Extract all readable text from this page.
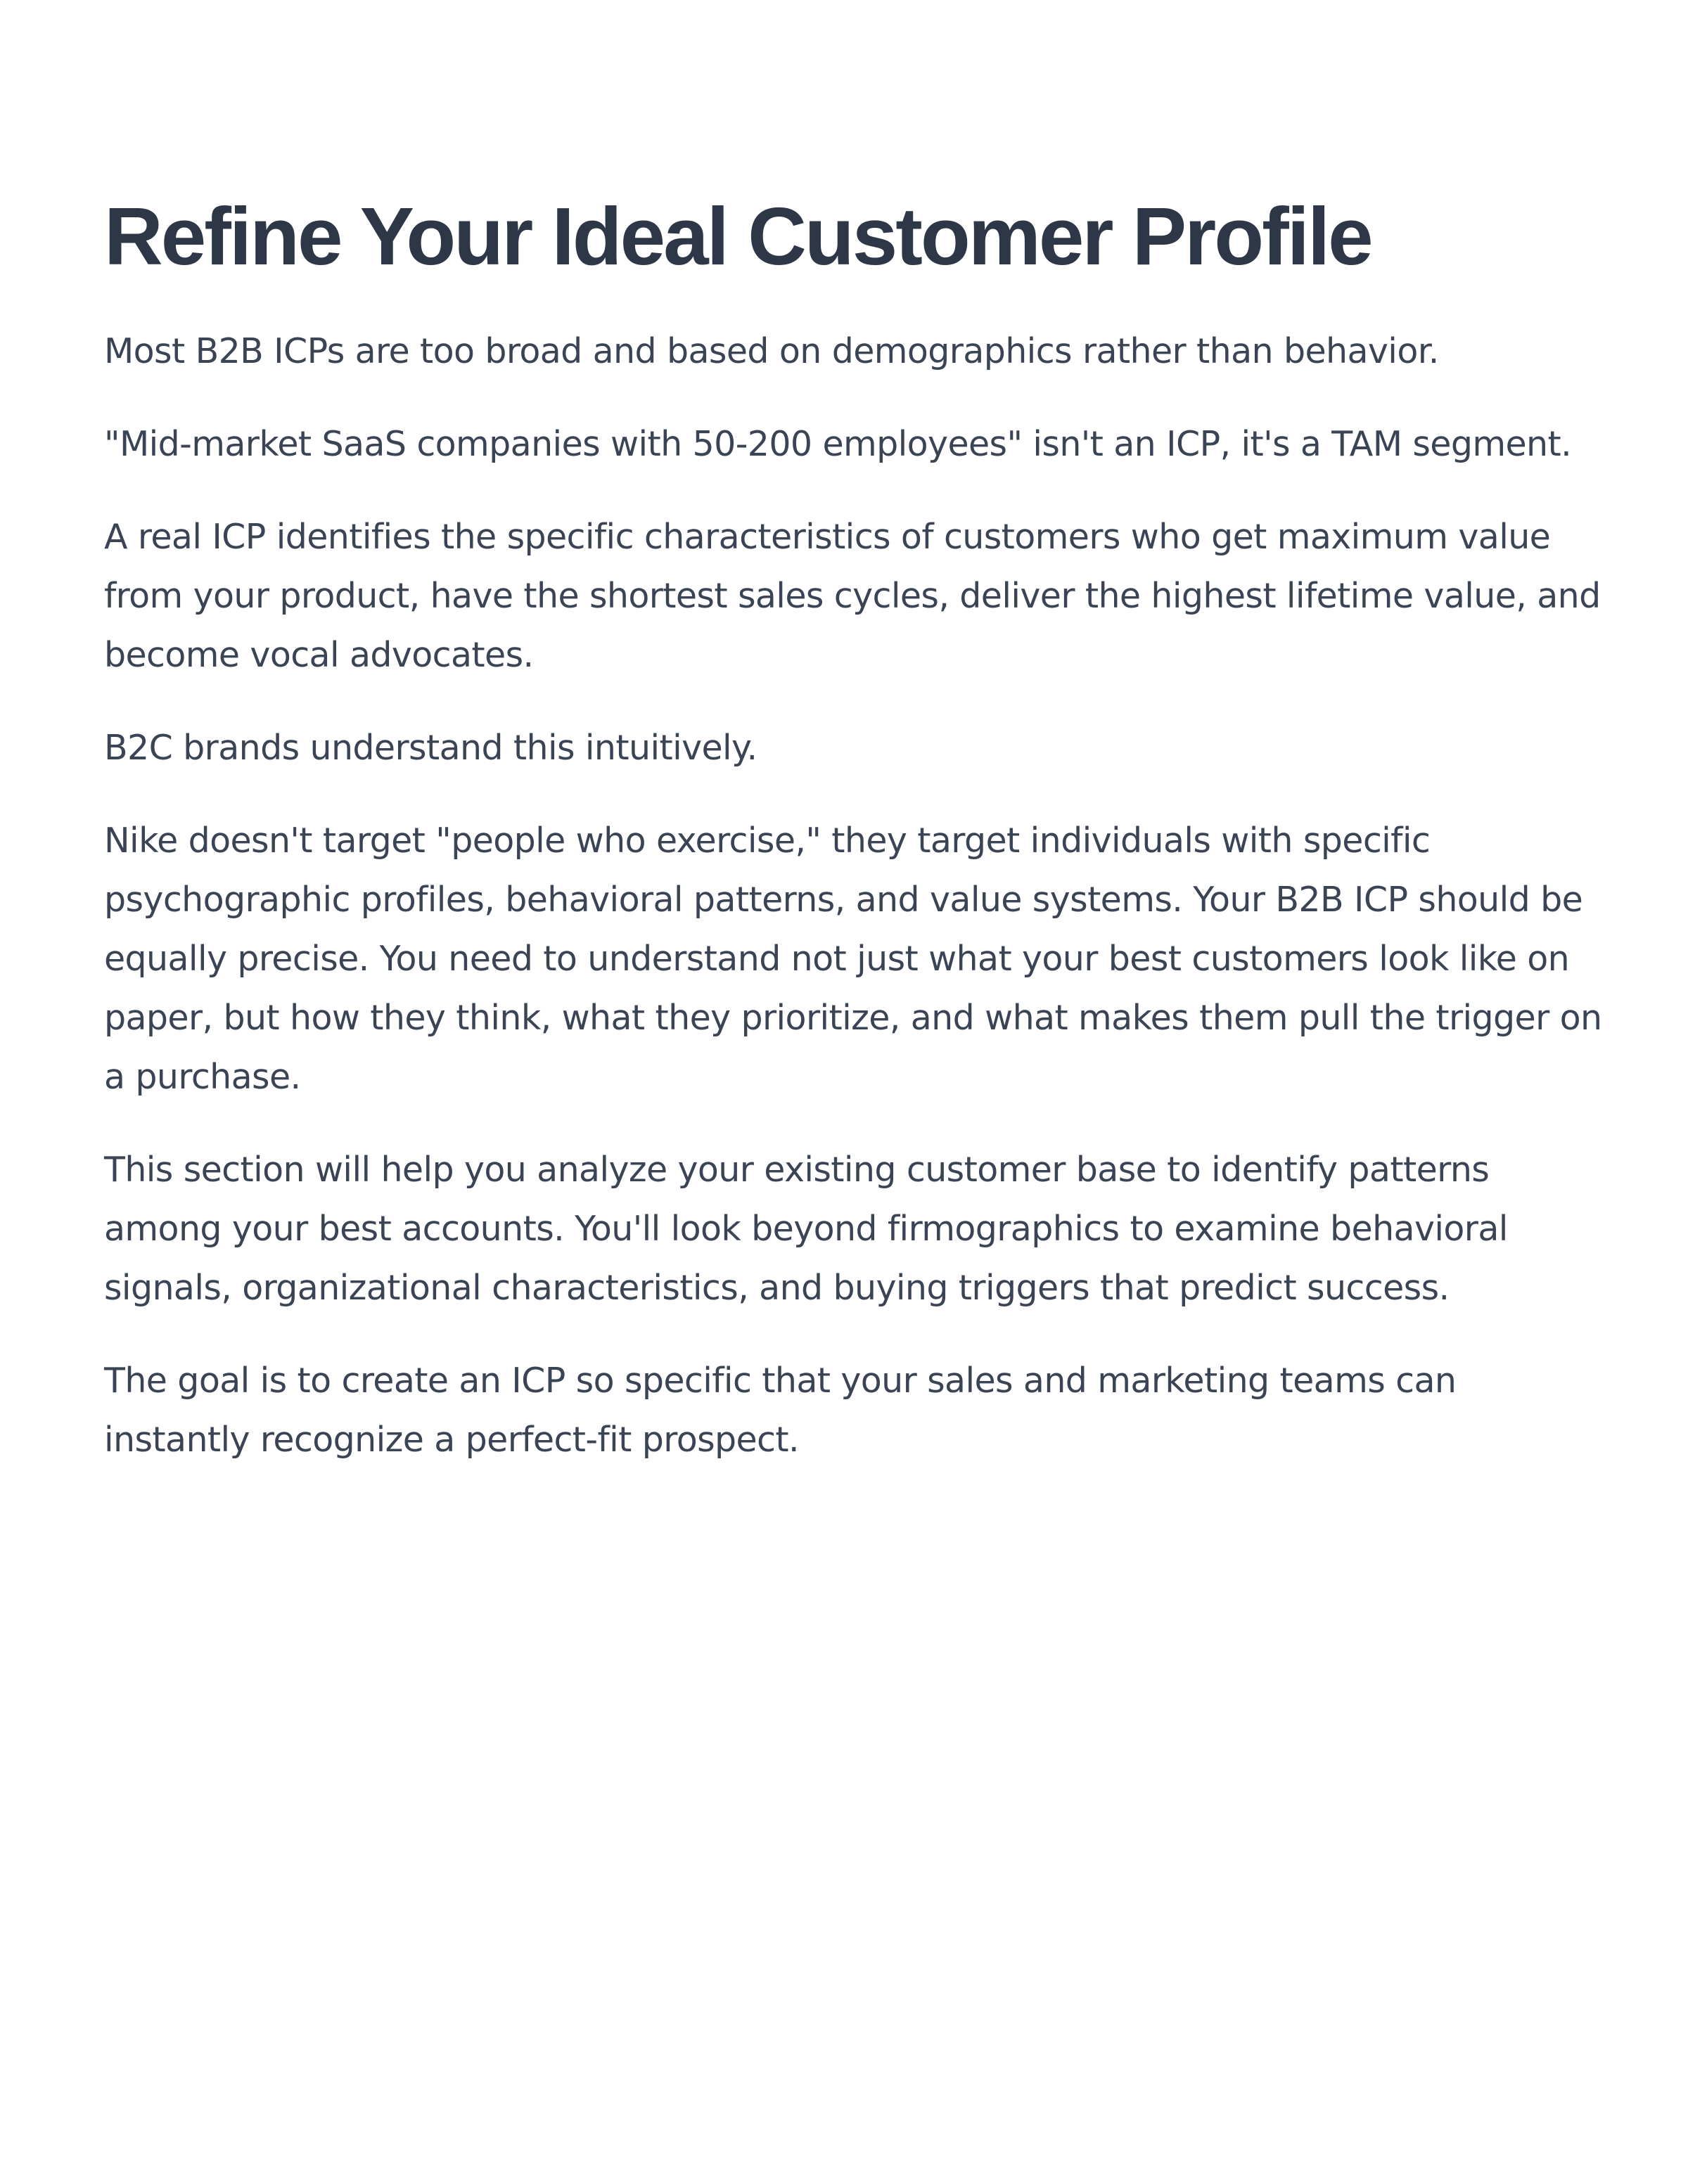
Refine Your Ideal Customer Profile

Most B2B ICPs are too broad and based on demographics rather than behavior.

"Mid-market SaaS companies with 50-200 employees" isn't an ICP, it's a TAM segment.

A real ICP identifies the specific characteristics of customers who get maximum value from your product, have the shortest sales cycles, deliver the highest lifetime value, and become vocal advocates.

B2C brands understand this intuitively.

Nike doesn't target "people who exercise," they target individuals with specific psychographic profiles, behavioral patterns, and value systems. Your B2B ICP should be equally precise. You need to understand not just what your best customers look like on paper, but how they think, what they prioritize, and what makes them pull the trigger on a purchase.

This section will help you analyze your existing customer base to identify patterns among your best accounts. You'll look beyond firmographics to examine behavioral signals, organizational characteristics, and buying triggers that predict success.

The goal is to create an ICP so specific that your sales and marketing teams can instantly recognize a perfect-fit prospect.
